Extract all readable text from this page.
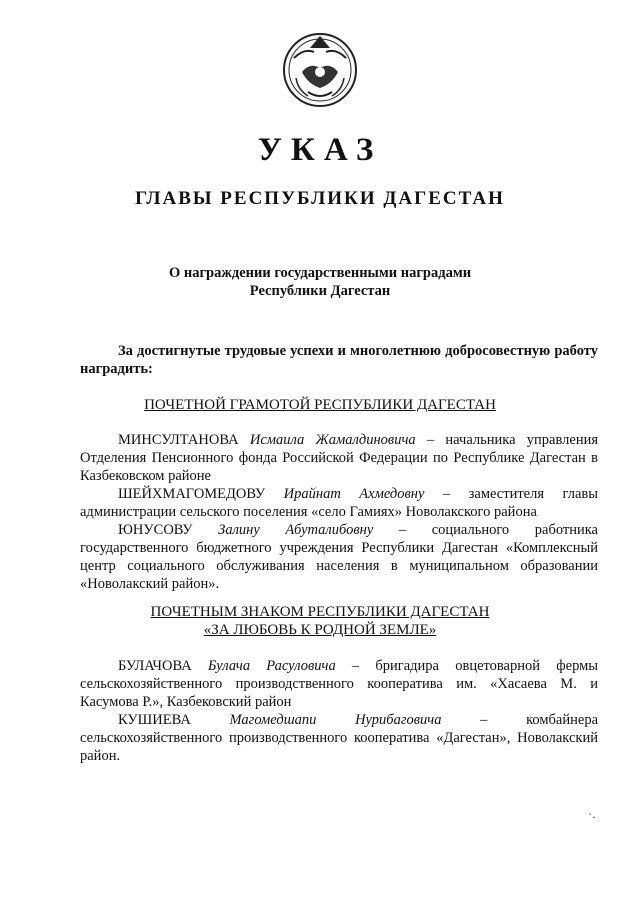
УКАЗ
ГЛАВЫ РЕСПУБЛИКИ ДАГЕСТАН
О награждении государственными наградами
Республики Дагестан
За достигнутые трудовые успехи и многолетнюю добросовестную работу наградить:
ПОЧЕТНОЙ ГРАМОТОЙ РЕСПУБЛИКИ ДАГЕСТАН
МИНСУЛТАНОВА Исмаила Жамалдиновича – начальника управления Отделения Пенсионного фонда Российской Федерации по Республике Дагестан в Казбековском районе
ШЕЙХМАГОМЕДОВУ Ирайнат Ахмедовну – заместителя главы администрации сельского поселения «село Гамиях» Новолакского района
ЮНУСОВУ Залину Абуталибовну – социального работника государственного бюджетного учреждения Республики Дагестан «Комплексный центр социального обслуживания населения в муниципальном образовании «Новолакский район».
ПОЧЕТНЫМ ЗНАКОМ РЕСПУБЛИКИ ДАГЕСТАН
«ЗА ЛЮБОВЬ К РОДНОЙ ЗЕМЛЕ»
БУЛАЧОВА Булача Расуловича – бригадира овцетоварной фермы сельскохозяйственного производственного кооператива им. «Хасаева М. и Касумова Р.», Казбековский район
КУШИЕВА	Магомедшапи Нурибаговича – комбайнера сельскохозяйственного производственного кооператива «Дагестан», Новолакский район.
˙·
